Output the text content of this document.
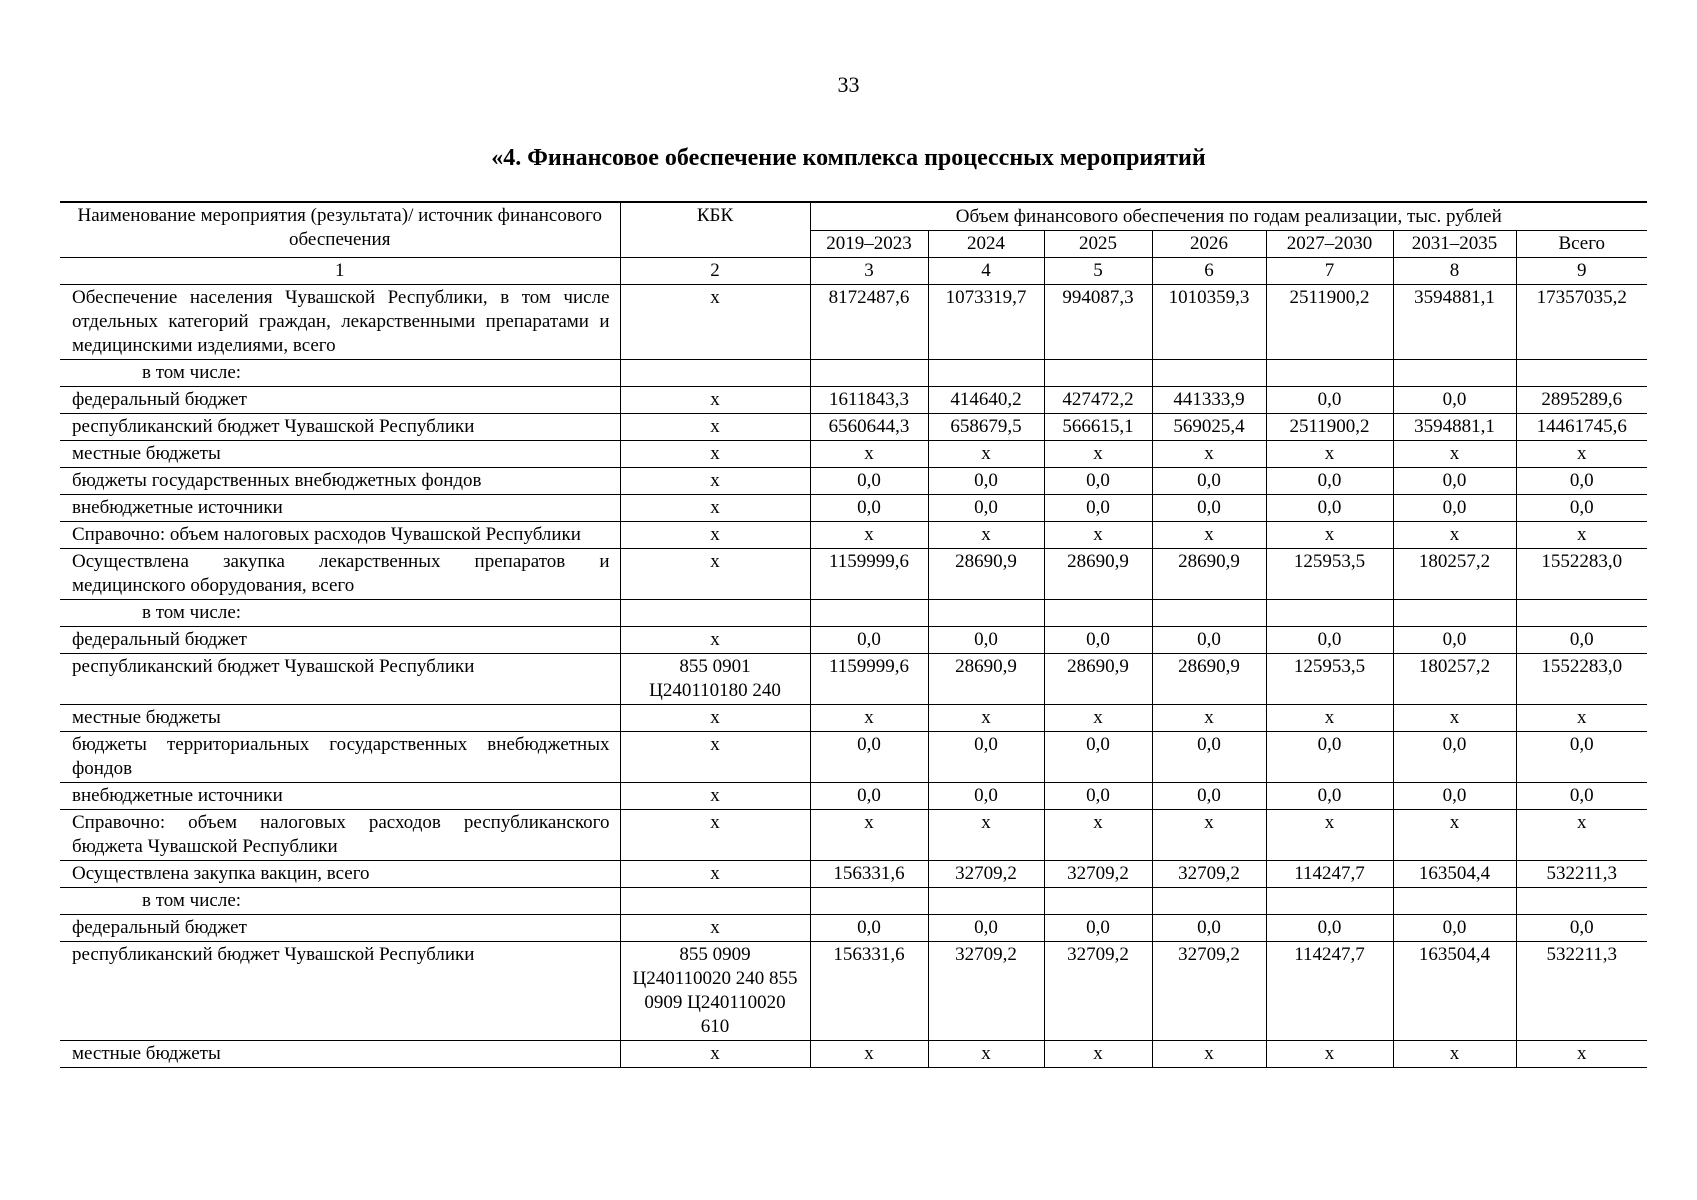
33
«4. Финансовое обеспечение комплекса процессных мероприятий
Наименование мероприятия (результата)/ источник финансового обеспечения	КБК	Объем финансового обеспечения по годам реализации, тыс. рублей						
		2019–2023	2024	2025	2026	2027–2030	2031–2035	Всего
1	2	3	4	5	6	7	8	9
Обеспечение населения Чувашской Республики, в том числе отдельных категорий граждан, лекарственными препаратами и медицинскими изделиями, всего	x	8172487,6	1073319,7	994087,3	1010359,3	2511900,2	3594881,1	17357035,2
в том числе:								
федеральный бюджет	x	1611843,3	414640,2	427472,2	441333,9	0,0	0,0	2895289,6
республиканский бюджет Чувашской Республики	x	6560644,3	658679,5	566615,1	569025,4	2511900,2	3594881,1	14461745,6
местные бюджеты	x	x	x	x	x	x	x	x
бюджеты государственных внебюджетных фондов	x	0,0	0,0	0,0	0,0	0,0	0,0	0,0
внебюджетные источники	x	0,0	0,0	0,0	0,0	0,0	0,0	0,0
Справочно: объем налоговых расходов Чувашской Республики	x	x	x	x	x	x	x	x
Осуществлена закупка лекарственных препаратов и медицинского оборудования, всего	x	1159999,6	28690,9	28690,9	28690,9	125953,5	180257,2	1552283,0
в том числе:								
федеральный бюджет	x	0,0	0,0	0,0	0,0	0,0	0,0	0,0
республиканский бюджет Чувашской Республики	855 0901 Ц240110180 240	1159999,6	28690,9	28690,9	28690,9	125953,5	180257,2	1552283,0
местные бюджеты	x	x	x	x	x	x	x	x
бюджеты территориальных государственных внебюджетных фондов	x	0,0	0,0	0,0	0,0	0,0	0,0	0,0
внебюджетные источники	x	0,0	0,0	0,0	0,0	0,0	0,0	0,0
Справочно: объем налоговых расходов республиканского бюджета Чувашской Республики	x	x	x	x	x	x	x	x
Осуществлена закупка вакцин, всего	x	156331,6	32709,2	32709,2	32709,2	114247,7	163504,4	532211,3
в том числе:								
федеральный бюджет	x	0,0	0,0	0,0	0,0	0,0	0,0	0,0
республиканский бюджет Чувашской Республики	855 0909 Ц240110020 240 855 0909 Ц240110020 610	156331,6	32709,2	32709,2	32709,2	114247,7	163504,4	532211,3
местные бюджеты	x	x	x	x	x	x	x	x
